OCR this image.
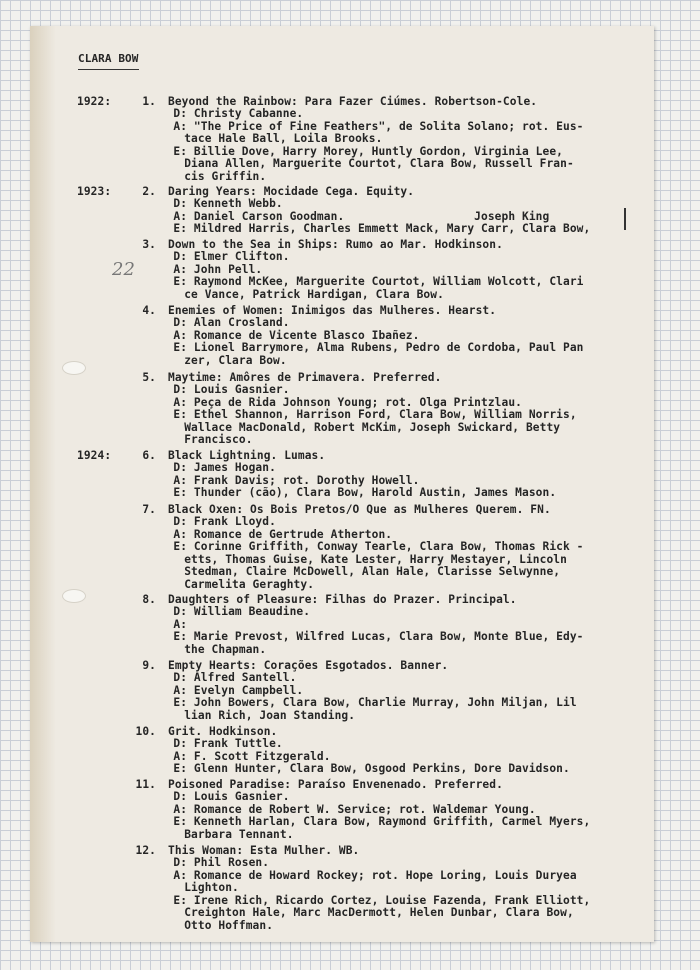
CLARA BOW
22
1922:	1. Beyond the Rainbow: Para Fazer Ciúmes. Robertson-Cole.
D: Christy Cabanne.
A: "The Price of Fine Feathers", de Solita Solano; rot. Eus-
tace Hale Ball, Loila Brooks.
E: Billie Dove, Harry Morey, Huntly Gordon, Virginia Lee,
Diana Allen, Marguerite Courtot, Clara Bow, Russell Fran-
cis Griffin.
1923:	2. Daring Years: Mocidade Cega. Equity.
D: Kenneth Webb.
A: Daniel Carson Goodman.                   Joseph King
E: Mildred Harris, Charles Emmett Mack, Mary Carr, Clara Bow,
3. Down to the Sea in Ships: Rumo ao Mar. Hodkinson.
D: Elmer Clifton.
A: John Pell.
E: Raymond McKee, Marguerite Courtot, William Wolcott, Clari
ce Vance, Patrick Hardigan, Clara Bow.
4. Enemies of Women: Inimigos das Mulheres. Hearst.
D: Alan Crosland.
A: Romance de Vicente Blasco Ibañez.
E: Lionel Barrymore, Alma Rubens, Pedro de Cordoba, Paul Pan
zer, Clara Bow.
5. Maytime: Amôres de Primavera. Preferred.
D: Louis Gasnier.
A: Peça de Rida Johnson Young; rot. Olga Printzlau.
E: Ethel Shannon, Harrison Ford, Clara Bow, William Norris,
Wallace MacDonald, Robert McKim, Joseph Swickard, Betty
Francisco.
1924:	6. Black Lightning. Lumas.
D: James Hogan.
A: Frank Davis; rot. Dorothy Howell.
E: Thunder (cão), Clara Bow, Harold Austin, James Mason.
7. Black Oxen: Os Bois Pretos/O Que as Mulheres Querem. FN.
D: Frank Lloyd.
A: Romance de Gertrude Atherton.
E: Corinne Griffith, Conway Tearle, Clara Bow, Thomas Rick -
etts, Thomas Guise, Kate Lester, Harry Mestayer, Lincoln
Stedman, Claire McDowell, Alan Hale, Clarisse Selwynne,
Carmelita Geraghty.
8. Daughters of Pleasure: Filhas do Prazer. Principal.
D: William Beaudine.
A:
E: Marie Prevost, Wilfred Lucas, Clara Bow, Monte Blue, Edy-
the Chapman.
9. Empty Hearts: Corações Esgotados. Banner.
D: Alfred Santell.
A: Evelyn Campbell.
E: John Bowers, Clara Bow, Charlie Murray, John Miljan, Lil
lian Rich, Joan Standing.
10. Grit. Hodkinson.
D: Frank Tuttle.
A: F. Scott Fitzgerald.
E: Glenn Hunter, Clara Bow, Osgood Perkins, Dore Davidson.
11. Poisoned Paradise: Paraíso Envenenado. Preferred.
D: Louis Gasnier.
A: Romance de Robert W. Service; rot. Waldemar Young.
E: Kenneth Harlan, Clara Bow, Raymond Griffith, Carmel Myers,
Barbara Tennant.
12. This Woman: Esta Mulher. WB.
D: Phil Rosen.
A: Romance de Howard Rockey; rot. Hope Loring, Louis Duryea
Lighton.
E: Irene Rich, Ricardo Cortez, Louise Fazenda, Frank Elliott,
Creighton Hale, Marc MacDermott, Helen Dunbar, Clara Bow,
Otto Hoffman.
